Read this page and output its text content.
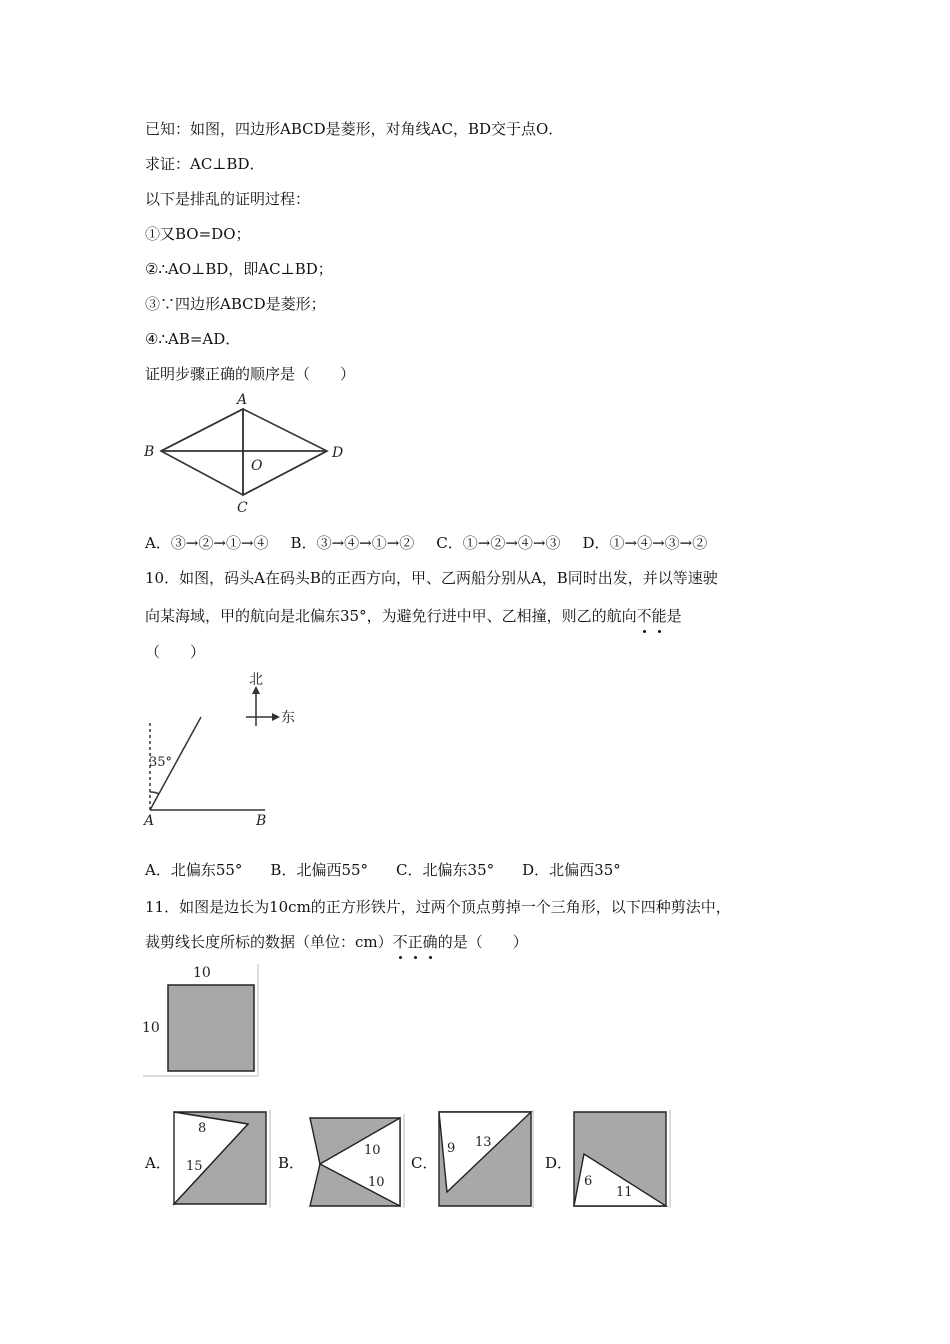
已知：如图，四边形ABCD是菱形，对角线AC，BD交于点O．
求证：AC⊥BD．
以下是排乱的证明过程：
①又BO=DO；
②∴AO⊥BD，即AC⊥BD；
③∵四边形ABCD是菱形；
④∴AB=AD．
证明步骤正确的顺序是（　　）
A
B	D
C
O
A．③→②→①→④ B．③→④→①→② C．①→②→④→③ D．①→④→③→②
10．如图，码头A在码头B的正西方向，甲、乙两船分别从A，B同时出发，并以等速驶
向某海域，甲的航向是北偏东35°，为避免行进中甲、乙相撞，则乙的航向不能是
（　　）
北
东
35°
A	B
A．北偏东55° B．北偏西55° C．北偏东35° D．北偏西35°
11．如图是边长为10cm的正方形铁片，过两个顶点剪掉一个三角形，以下四种剪法中，
裁剪线长度所标的数据（单位：cm）不正确的是（　　）
10
10
A．
8
15	B．
10
10
C．
9 13
D．
6
11
